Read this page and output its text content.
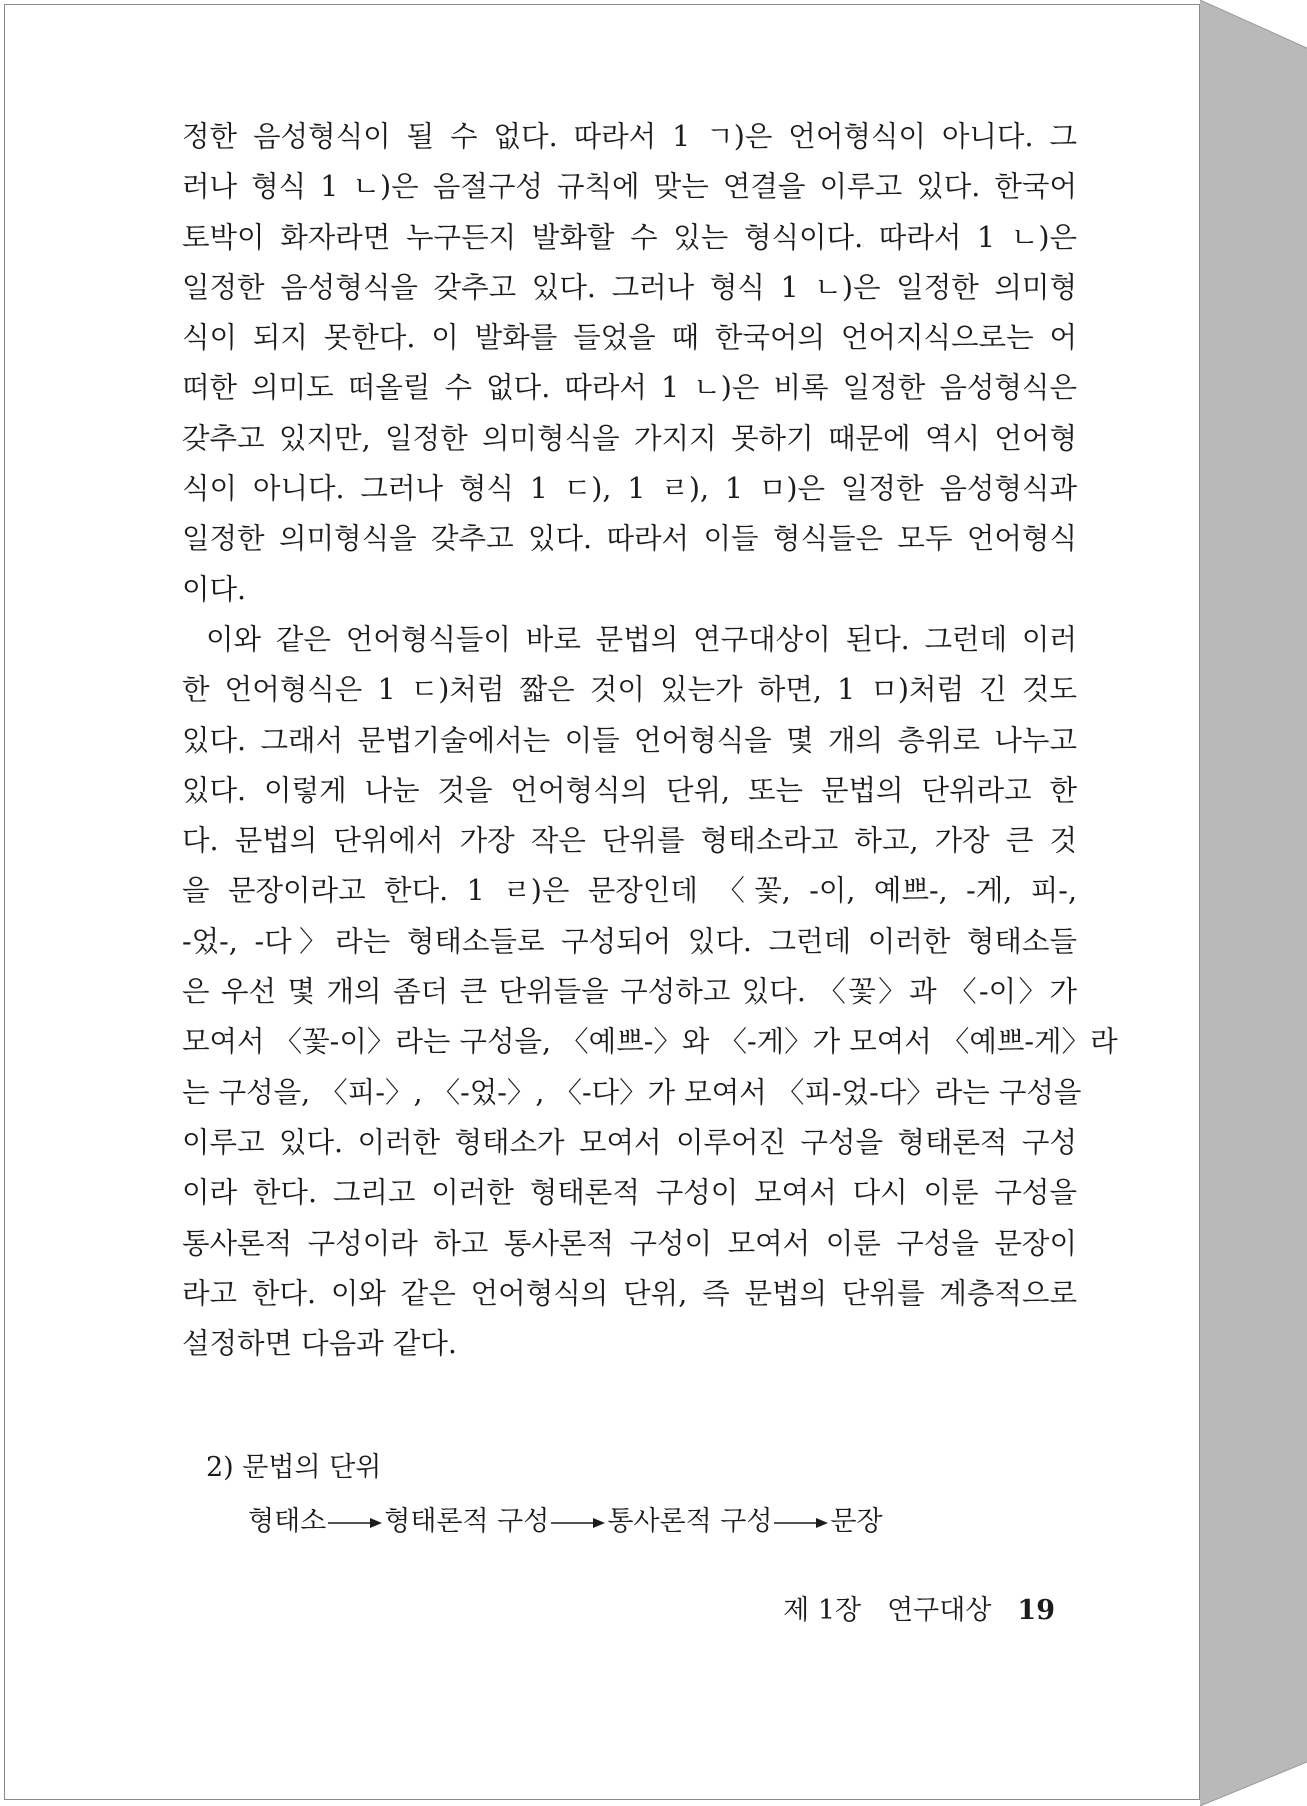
정한 음성형식이 될 수 없다. 따라서 1 ㄱ)은 언어형식이 아니다. 그
러나 형식 1 ㄴ)은 음절구성 규칙에 맞는 연결을 이루고 있다. 한국어
토박이 화자라면 누구든지 발화할 수 있는 형식이다. 따라서 1 ㄴ)은
일정한 음성형식을 갖추고 있다. 그러나 형식 1 ㄴ)은 일정한 의미형
식이 되지 못한다. 이 발화를 들었을 때 한국어의 언어지식으로는 어
떠한 의미도 떠올릴 수 없다. 따라서 1 ㄴ)은 비록 일정한 음성형식은
갖추고 있지만, 일정한 의미형식을 가지지 못하기 때문에 역시 언어형
식이 아니다. 그러나 형식 1 ㄷ), 1 ㄹ), 1 ㅁ)은 일정한 음성형식과
일정한 의미형식을 갖추고 있다. 따라서 이들 형식들은 모두 언어형식
이다.
이와 같은 언어형식들이 바로 문법의 연구대상이 된다. 그런데 이러
한 언어형식은 1 ㄷ)처럼 짧은 것이 있는가 하면, 1 ㅁ)처럼 긴 것도
있다. 그래서 문법기술에서는 이들 언어형식을 몇 개의 층위로 나누고
있다. 이렇게 나눈 것을 언어형식의 단위, 또는 문법의 단위라고 한
다. 문법의 단위에서 가장 작은 단위를 형태소라고 하고, 가장 큰 것
을 문장이라고 한다. 1 ㄹ)은 문장인데 〈꽃, -이, 예쁘-, -게, 피-,
-었-, -다〉라는 형태소들로 구성되어 있다. 그런데 이러한 형태소들
은 우선 몇 개의 좀더 큰 단위들을 구성하고 있다. 〈꽃〉과 〈-이〉가
모여서 〈꽃-이〉라는 구성을, 〈예쁘-〉와 〈-게〉가 모여서 〈예쁘-게〉라
는 구성을, 〈피-〉, 〈-었-〉, 〈-다〉가 모여서 〈피-었-다〉라는 구성을
이루고 있다. 이러한 형태소가 모여서 이루어진 구성을 형태론적 구성
이라 한다. 그리고 이러한 형태론적 구성이 모여서 다시 이룬 구성을
통사론적 구성이라 하고 통사론적 구성이 모여서 이룬 구성을 문장이
라고 한다. 이와 같은 언어형식의 단위, 즉 문법의 단위를 계층적으로
설정하면 다음과 같다.
2) 문법의 단위
형태소 형태론적 구성 통사론적 구성 문장
제 1장 연구대상 19
